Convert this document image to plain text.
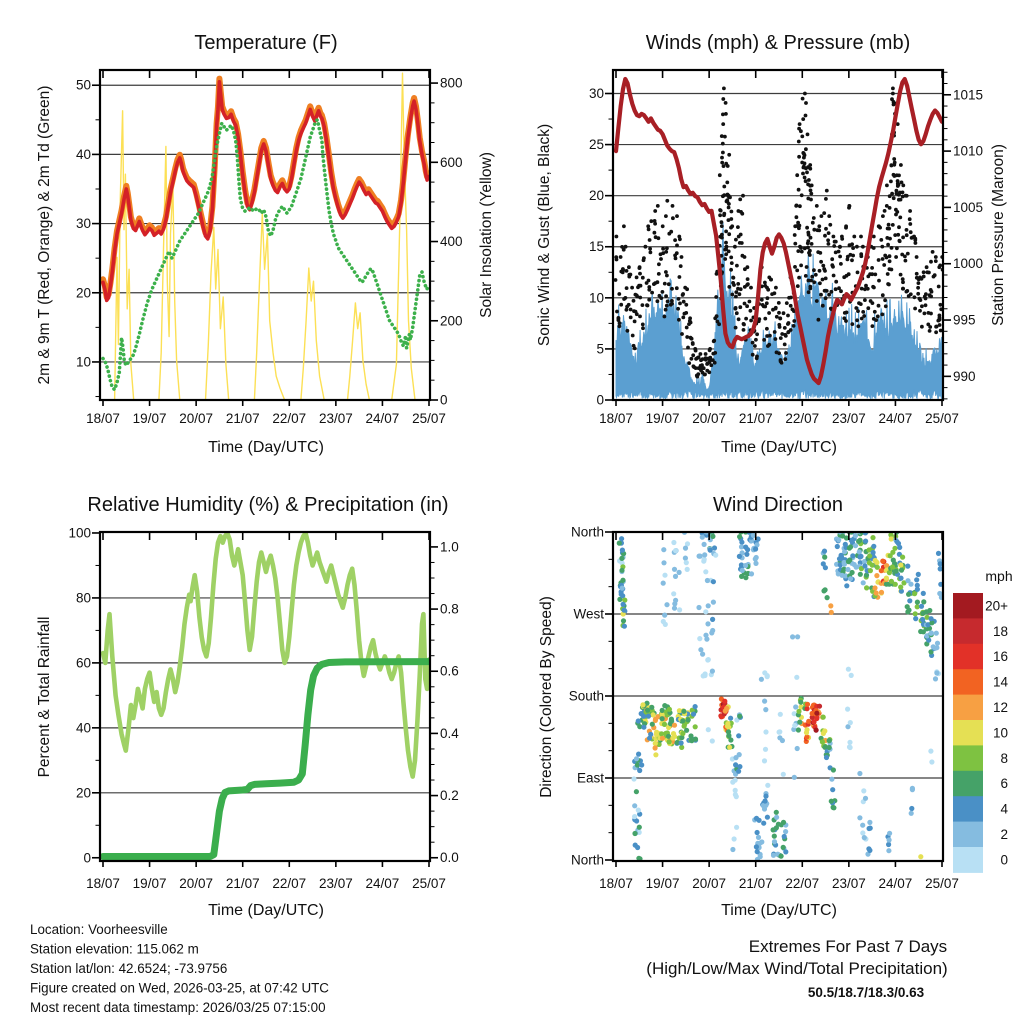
18/07 19/07 20/07 21/07 22/07 23/07 24/07 25/07
10
20
30
40
50
0
200
400
600
800
18/07 19/07 20/07 21/07 22/07 23/07 24/07 25/07
0
5
10
15
20
25
30
990
995
1000
1005
1010
1015
18/07 19/07 20/07 21/07 22/07 23/07 24/07 25/07
0
20
40
60
80
100
0.0
0.2
0.4
0.6
0.8
1.0
18/07 19/07 20/07 21/07 22/07 23/07 24/07 25/07
North
West
South
East
North
20+
18
16
14
12
10
8
6
4
2
0
Temperature (F)	Winds (mph) & Pressure (mb)
Relative Humidity (%) & Precipitation (in)	Wind Direction
Time (Day/UTC)	Time (Day/UTC)
Time (Day/UTC)	Time (Day/UTC)
2m & 9m T (Red, Orange) & 2m Td (Green)	Solar Insolation (Yellow)	Sonic Wind & Gust (Blue, Black)	Station Pressure (Maroon)
Percent & Total Rainfall	Direction (Colored By Speed)
mph
Location: Voorheesville
Station elevation: 115.062 m
Station lat/lon: 42.6524; -73.9756
Figure created on Wed, 2026-03-25, at 07:42 UTC
Most recent data timestamp: 2026/03/25 07:15:00
Extremes For Past 7 Days
(High/Low/Max Wind/Total Precipitation)
50.5/18.7/18.3/0.63
